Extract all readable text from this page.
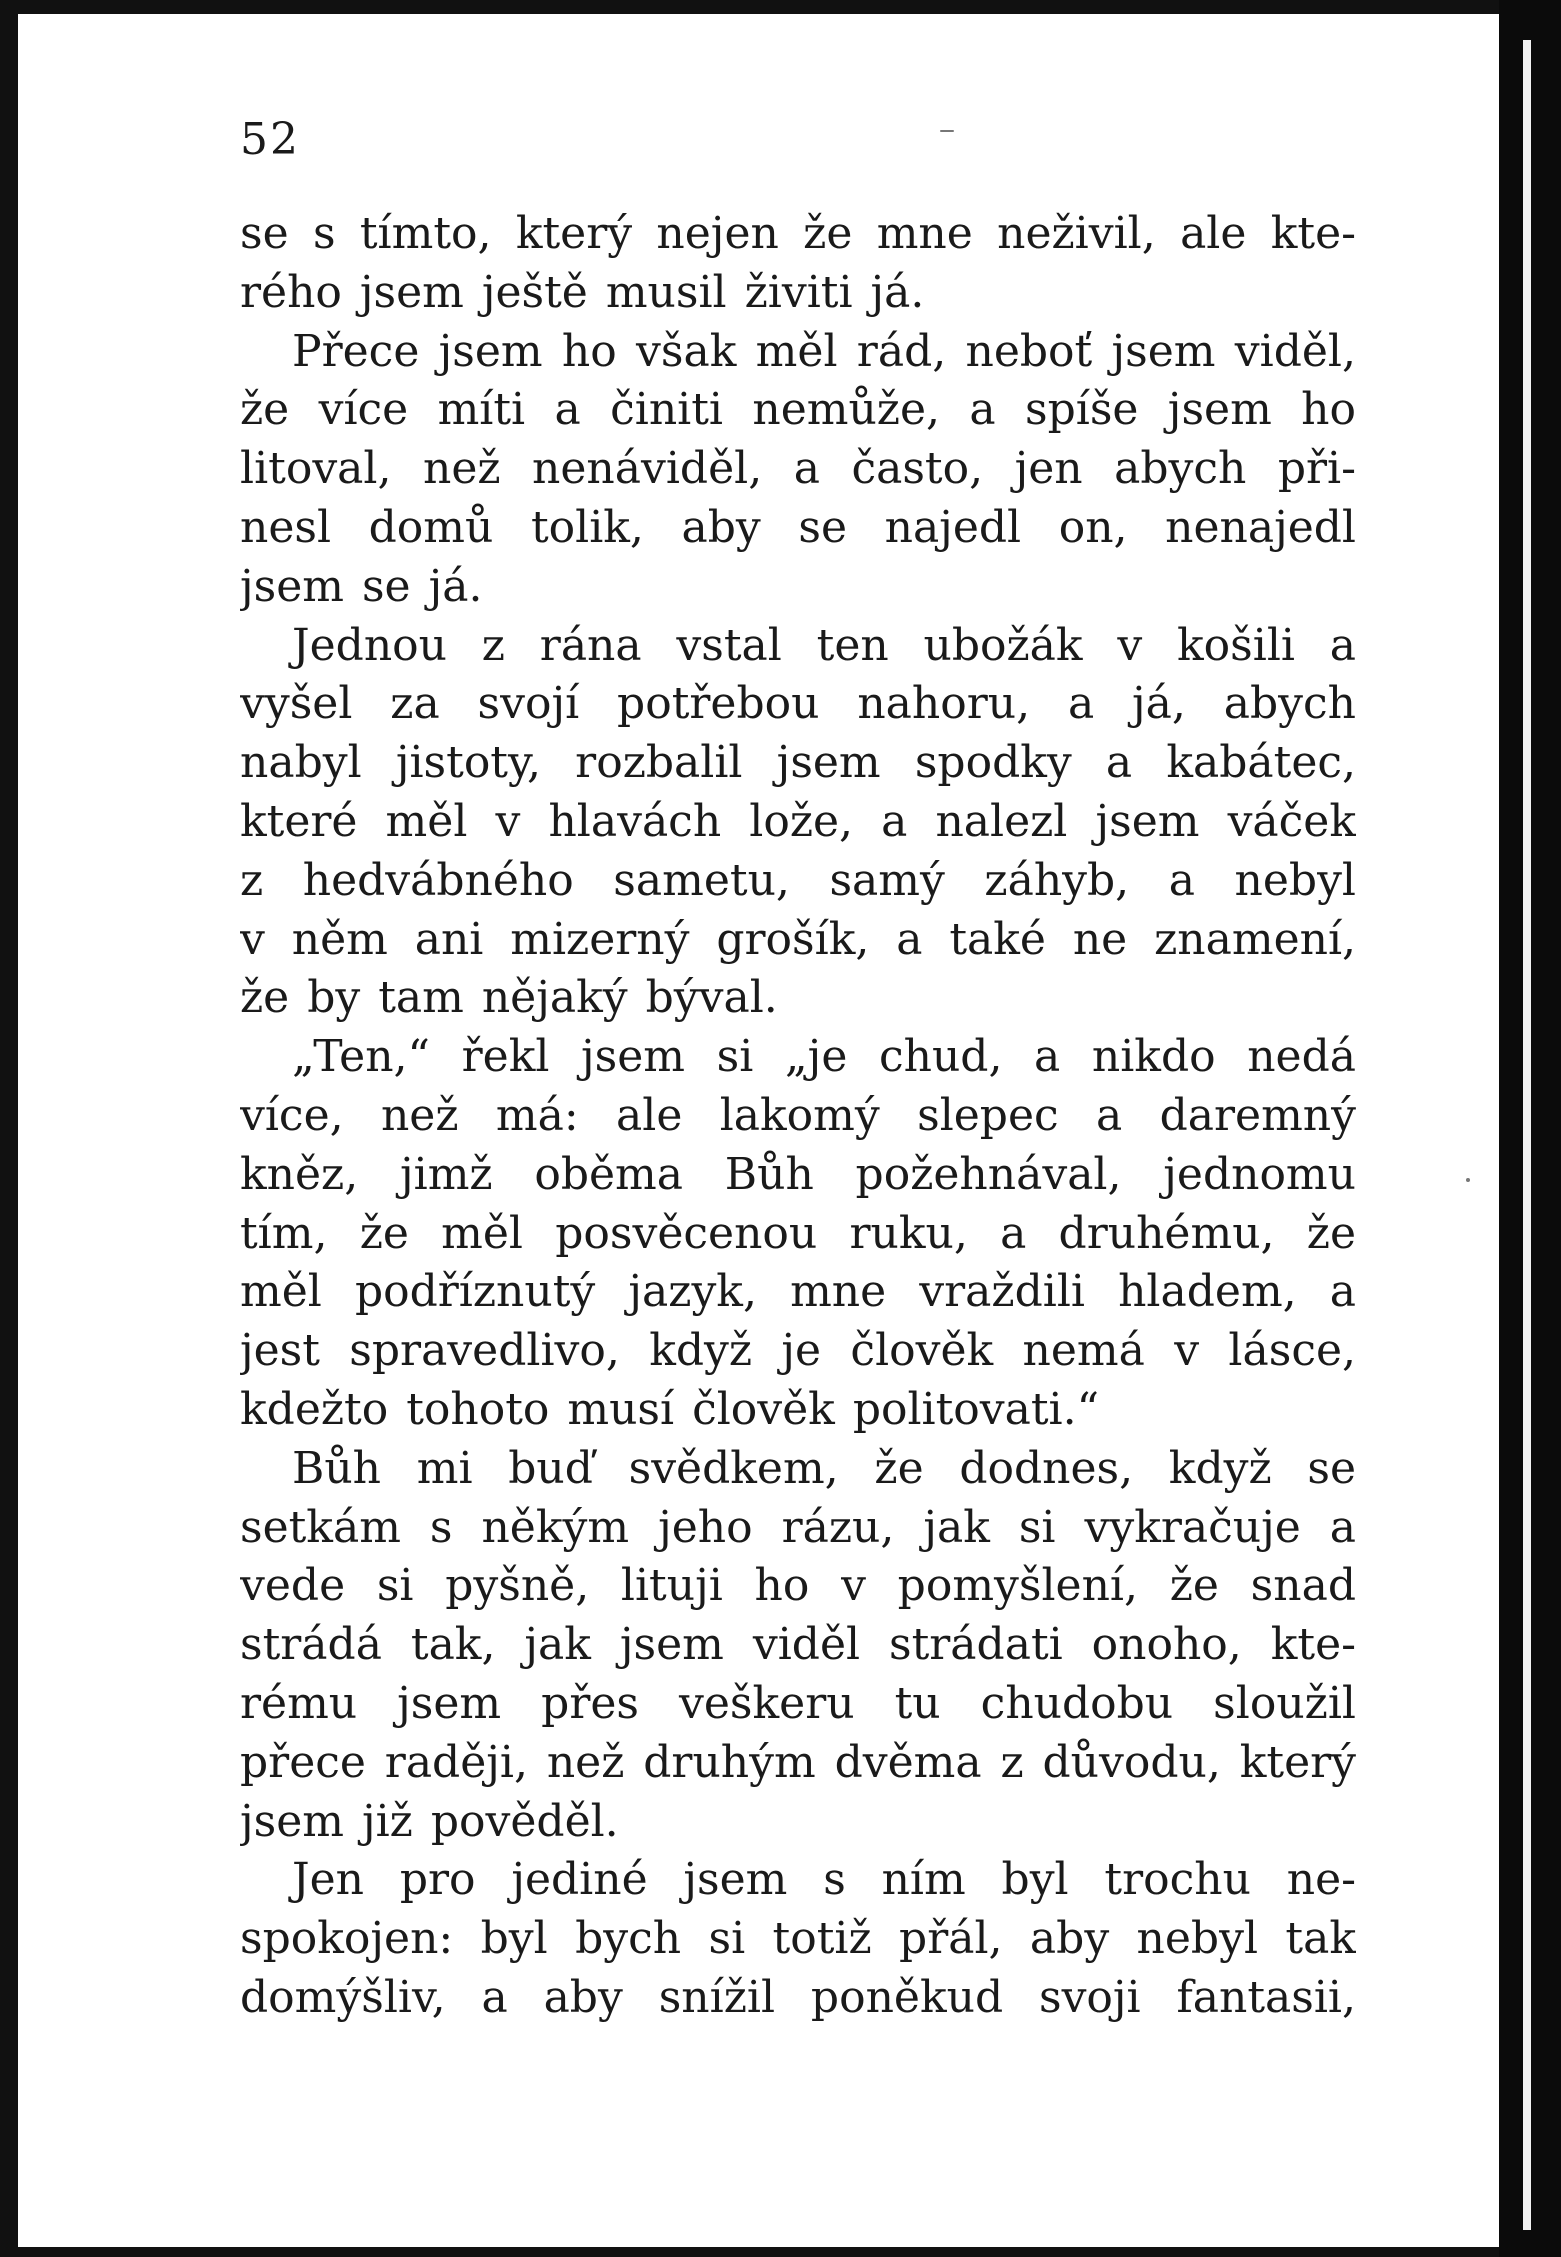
52
se s tímto, který nejen že mne neživil, ale kte-
rého jsem ještě musil živiti já.
Přece jsem ho však měl rád, neboť jsem viděl,
že více míti a činiti nemůže, a spíše jsem ho
litoval, než nenáviděl, a často, jen abych při-
nesl domů tolik, aby se najedl on, nenajedl
jsem se já.
Jednou z rána vstal ten ubožák v košili a
vyšel za svojí potřebou nahoru, a já, abych
nabyl jistoty, rozbalil jsem spodky a kabátec,
které měl v hlavách lože, a nalezl jsem váček
z hedvábného sametu, samý záhyb, a nebyl
v něm ani mizerný grošík, a také ne znamení,
že by tam nějaký býval.
„Ten,“ řekl jsem si „je chud, a nikdo nedá
více, než má: ale lakomý slepec a daremný
kněz, jimž oběma Bůh požehnával, jednomu
tím, že měl posvěcenou ruku, a druhému, že
měl podříznutý jazyk, mne vraždili hladem, a
jest spravedlivo, když je člověk nemá v lásce,
kdežto tohoto musí člověk politovati.“
Bůh mi buď svědkem, že dodnes, když se
setkám s někým jeho rázu, jak si vykračuje a
vede si pyšně, lituji ho v pomyšlení, že snad
strádá tak, jak jsem viděl strádati onoho, kte-
rému jsem přes veškeru tu chudobu sloužil
přece raději, než druhým dvěma z důvodu, který
jsem již pověděl.
Jen pro jediné jsem s ním byl trochu ne-
spokojen: byl bych si totiž přál, aby nebyl tak
domýšliv, a aby snížil poněkud svoji fantasii,
